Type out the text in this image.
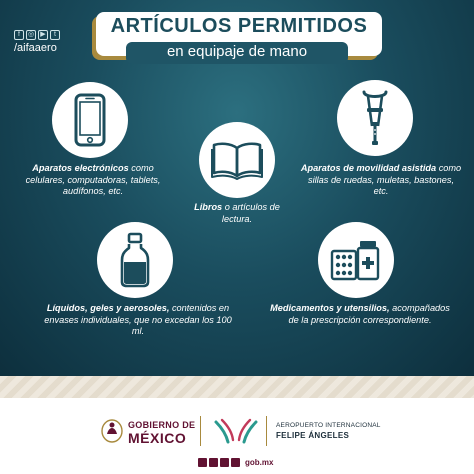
f	◎ ▶	t
/aifaaero
ARTÍCULOS PERMITIDOS
en equipaje de mano
Aparatos electrónicos como celulares, computadoras, tablets, audífonos, etc.
Libros o artículos de lectura.
Aparatos de movilidad asistida como sillas de ruedas, muletas, bastones, etc.
Líquidos, geles y aerosoles, contenidos en envases individuales, que no excedan los 100 ml.
Medicamentos y utensilios, acompañados de la prescripción correspondiente.
GOBIERNO DE
MÉXICO
AEROPUERTO INTERNACIONAL
FELIPE ÁNGELES
gob.mx
